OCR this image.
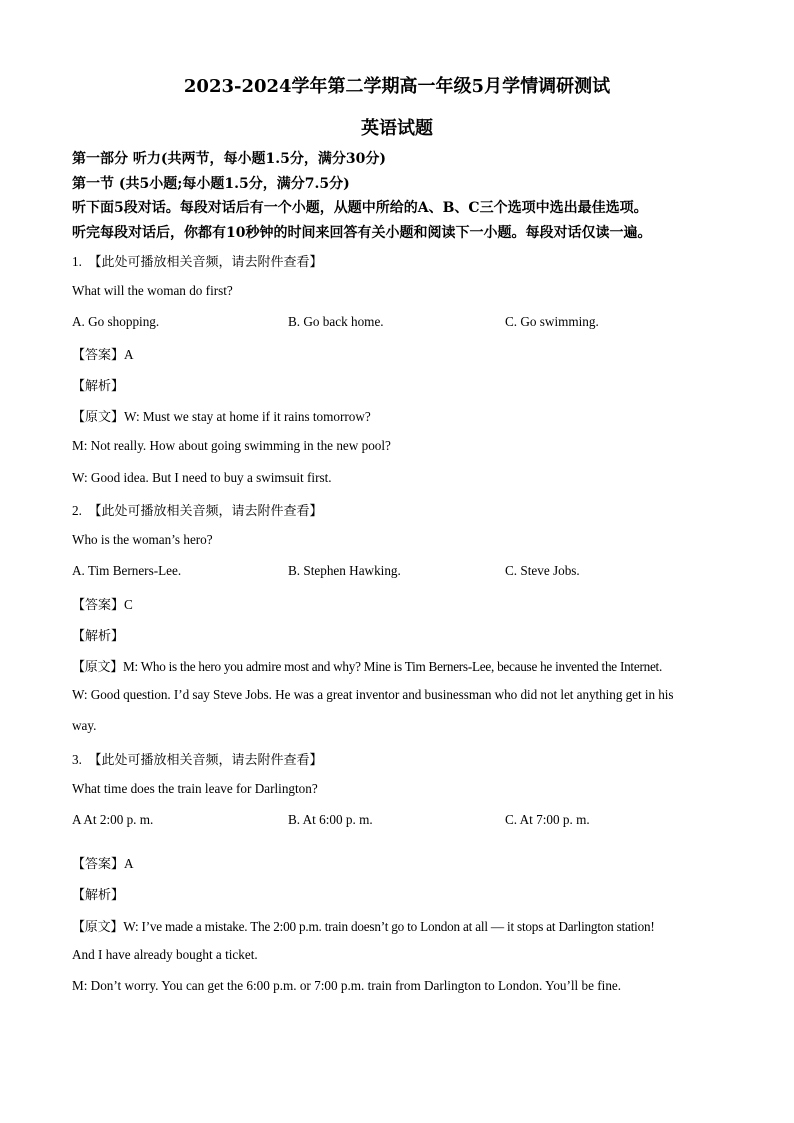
2023-2024学年第二学期高一年级5月学情调研测试
英语试题
第一部分 听力(共两节，每小题1.5分，满分30分)
第一节 (共5小题;每小题1.5分，满分7.5分)
听下面5段对话。每段对话后有一个小题，从题中所给的A、B、C三个选项中选出最佳选项。
听完每段对话后，你都有10秒钟的时间来回答有关小题和阅读下一小题。每段对话仅读一遍。
1. 【此处可播放相关音频，请去附件查看】
What will the woman do first?
A. Go shopping.	B. Go back home.	C. Go swimming.
【答案】A
【解析】
【原文】W: Must we stay at home if it rains tomorrow?
M: Not really. How about going swimming in the new pool?
W: Good idea. But I need to buy a swimsuit first.
2. 【此处可播放相关音频，请去附件查看】
Who is the woman’s hero?
A. Tim Berners-Lee.	B. Stephen Hawking.	C. Steve Jobs.
【答案】C
【解析】
【原文】M: Who is the hero you admire most and why? Mine is Tim Berners-Lee, because he invented the Internet.
W: Good question. I’d say Steve Jobs. He was a great inventor and businessman who did not let anything get in his
way.
3. 【此处可播放相关音频，请去附件查看】
What time does the train leave for Darlington?
A At 2:00 p. m.	B. At 6:00 p. m.	C. At 7:00 p. m.
【答案】A
【解析】
【原文】W: I’ve made a mistake. The 2:00 p.m. train doesn’t go to London at all — it stops at Darlington station!
And I have already bought a ticket.
M: Don’t worry. You can get the 6:00 p.m. or 7:00 p.m. train from Darlington to London. You’ll be fine.
